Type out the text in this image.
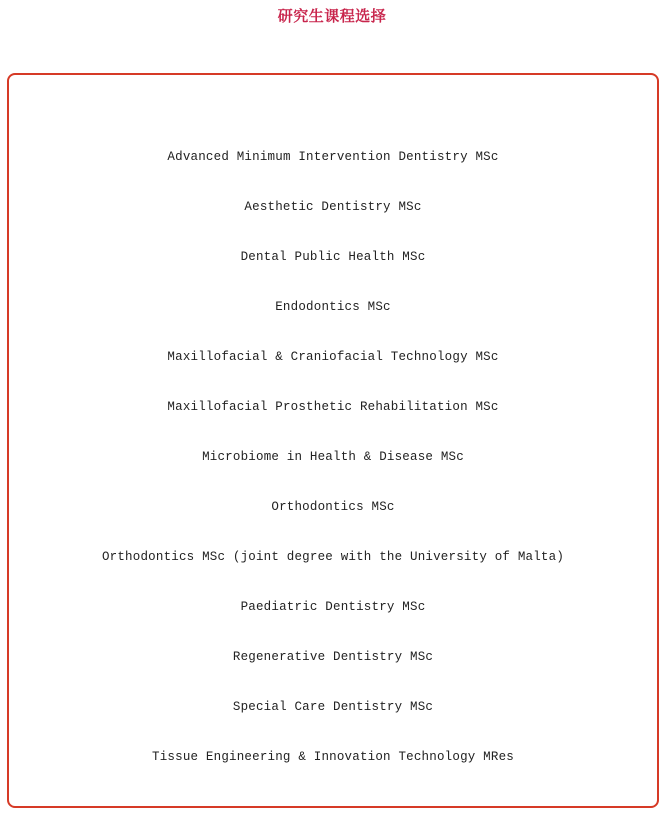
研究生课程选择
Advanced Minimum Intervention Dentistry MSc
Aesthetic Dentistry MSc
Dental Public Health MSc
Endodontics MSc
Maxillofacial & Craniofacial Technology MSc
Maxillofacial Prosthetic Rehabilitation MSc
Microbiome in Health & Disease MSc
Orthodontics MSc
Orthodontics MSc (joint degree with the University of Malta)
Paediatric Dentistry MSc
Regenerative Dentistry MSc
Special Care Dentistry MSc
Tissue Engineering & Innovation Technology MRes
